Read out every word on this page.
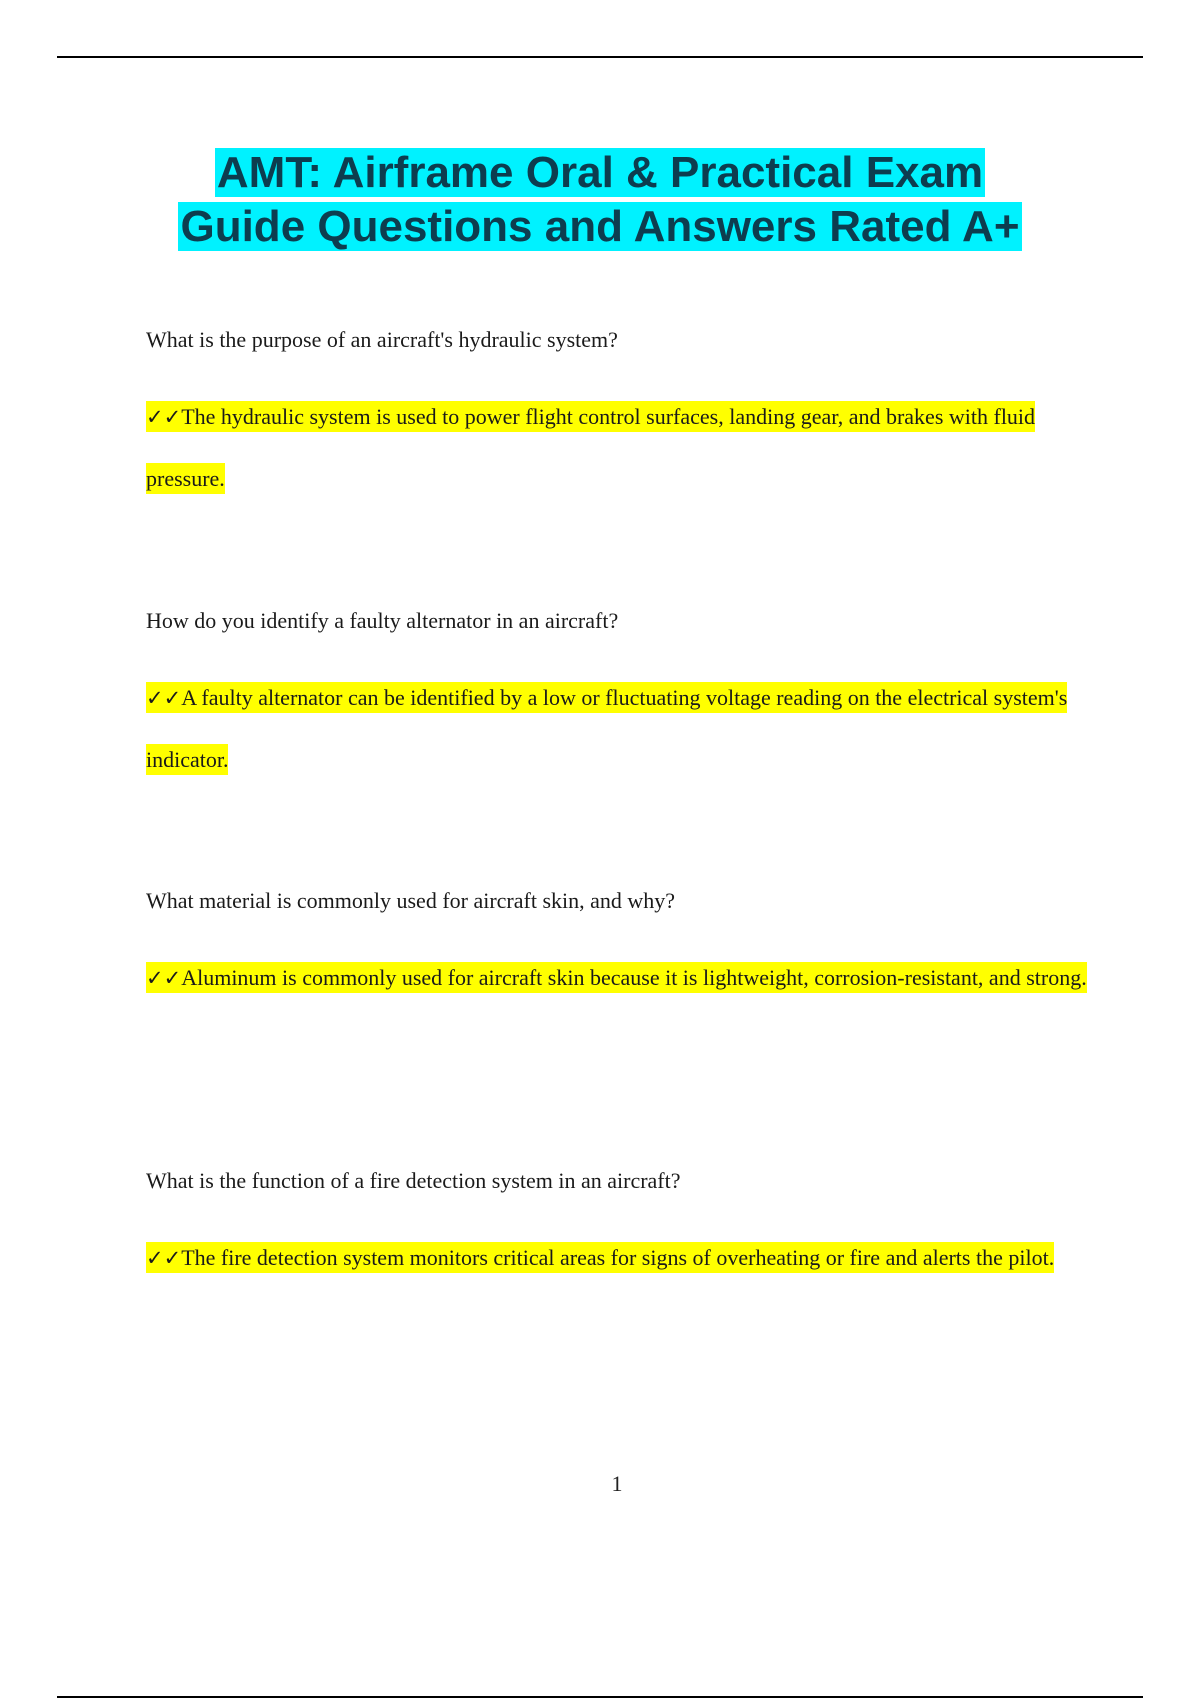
AMT: Airframe Oral & Practical Exam
Guide Questions and Answers Rated A+

What is the purpose of an aircraft's hydraulic system?

✓✓The hydraulic system is used to power flight control surfaces, landing gear, and brakes with fluid pressure.

How do you identify a faulty alternator in an aircraft?

✓✓A faulty alternator can be identified by a low or fluctuating voltage reading on the electrical system's indicator.

What material is commonly used for aircraft skin, and why?

✓✓Aluminum is commonly used for aircraft skin because it is lightweight, corrosion-resistant, and strong.

What is the function of a fire detection system in an aircraft?

✓✓The fire detection system monitors critical areas for signs of overheating or fire and alerts the pilot.

1
